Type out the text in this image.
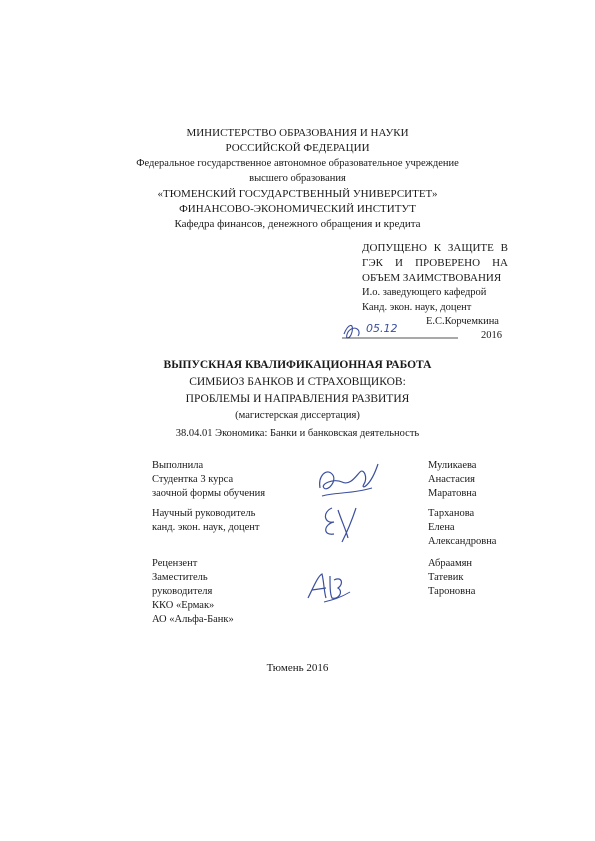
МИНИСТЕРСТВО ОБРАЗОВАНИЯ И НАУКИ
РОССИЙСКОЙ ФЕДЕРАЦИИ
Федеральное государственное автономное образовательное учреждение
высшего образования
«ТЮМЕНСКИЙ ГОСУДАРСТВЕННЫЙ УНИВЕРСИТЕТ»
ФИНАНСОВО-ЭКОНОМИЧЕСКИЙ ИНСТИТУТ
Кафедра финансов, денежного обращения и кредита
ДОПУЩЕНО К ЗАЩИТЕ В
ГЭК И ПРОВЕРЕНО НА
ОБЪЕМ ЗАИМСТВОВАНИЯ
И.о. заведующего кафедрой
Канд. экон. наук, доцент
Е.С.Корчемкина
05.12
2016
ВЫПУСКНАЯ КВАЛИФИКАЦИОННАЯ РАБОТА
СИМБИОЗ БАНКОВ И СТРАХОВЩИКОВ:
ПРОБЛЕМЫ И НАПРАВЛЕНИЯ РАЗВИТИЯ
(магистерская диссертация)
38.04.01 Экономика: Банки и банковская деятельность
Выполнила
Студентка 3 курса
заочной формы обучения
Муликаева
Анастасия
Маратовна
Научный руководитель
канд. экон. наук, доцент
Тарханова
Елена
Александровна
Рецензент
Заместитель
руководителя
ККО «Ермак»
АО «Альфа-Банк»
Абраамян
Татевик
Тароновна
Тюмень 2016
